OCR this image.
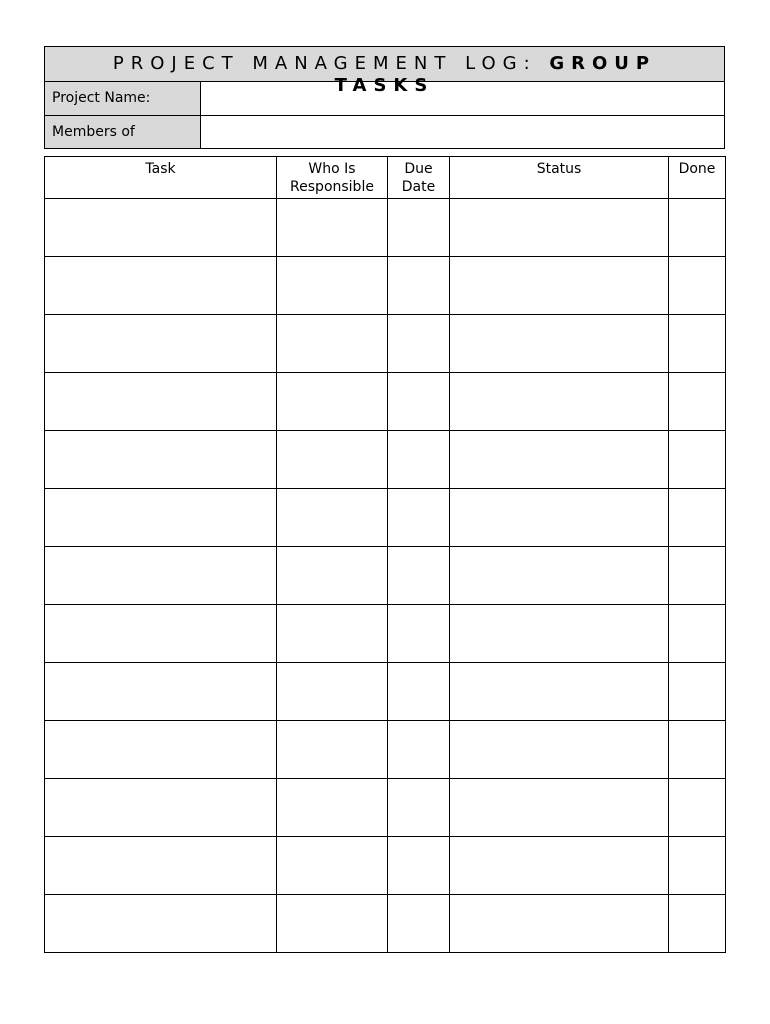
PROJECT MANAGEMENT LOG: GROUP TASKS
Project Name:
Members of
Task	Who Is Responsible	Due Date	Status	Done
